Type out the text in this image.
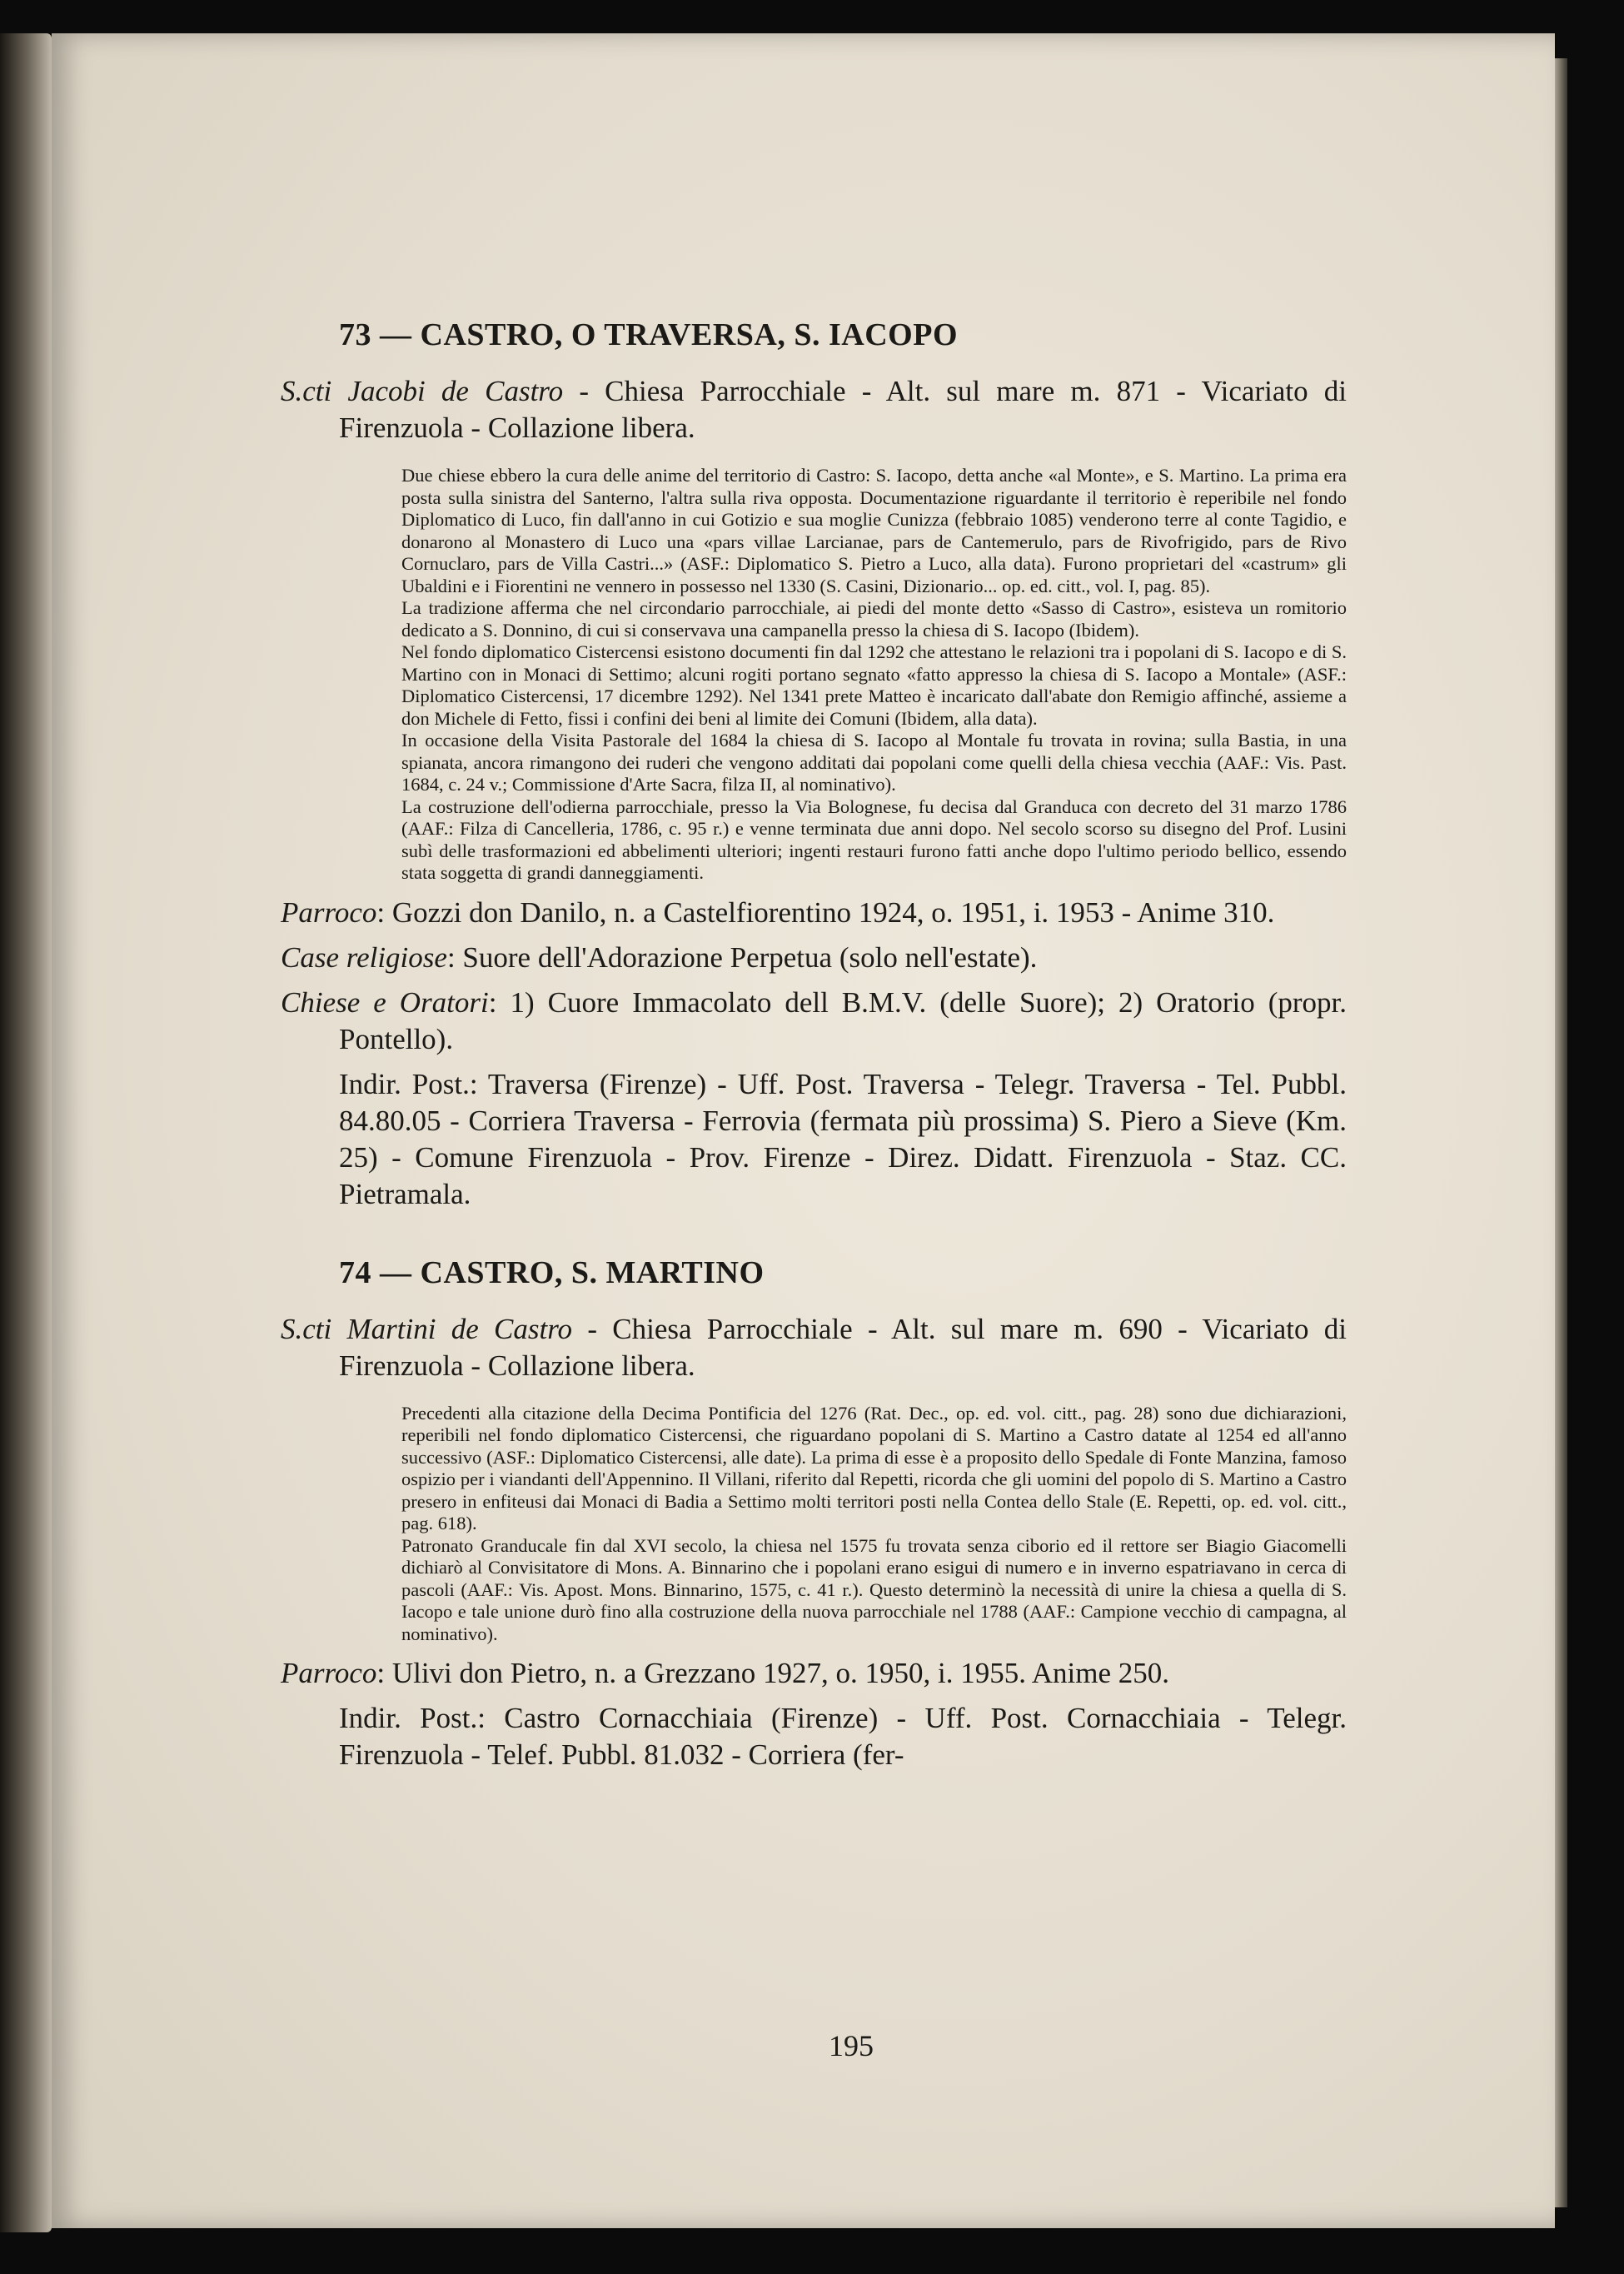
73 — CASTRO, O TRAVERSA, S. IACOPO
S.cti Jacobi de Castro - Chiesa Parrocchiale - Alt. sul mare m. 871 - Vicariato di Firenzuola - Collazione libera.

Due chiese ebbero la cura delle anime del territorio di Castro: S. Iacopo, detta anche «al Monte», e S. Martino. La prima era posta sulla sinistra del Santerno, l'altra sulla riva opposta. Documentazione riguardante il territorio è reperibile nel fondo Diplomatico di Luco, fin dall'anno in cui Gotizio e sua moglie Cunizza (febbraio 1085) venderono terre al conte Tagidio, e donarono al Monastero di Luco una «pars villae Larcianae, pars de Cantemerulo, pars de Rivofrigido, pars de Rivo Cornuclaro, pars de Villa Castri...» (ASF.: Diplomatico S. Pietro a Luco, alla data). Furono proprietari del «castrum» gli Ubaldini e i Fiorentini ne vennero in possesso nel 1330 (S. Casini, Dizionario... op. ed. citt., vol. I, pag. 85).

La tradizione afferma che nel circondario parrocchiale, ai piedi del monte detto «Sasso di Castro», esisteva un romitorio dedicato a S. Donnino, di cui si conservava una campanella presso la chiesa di S. Iacopo (Ibidem).

Nel fondo diplomatico Cistercensi esistono documenti fin dal 1292 che attestano le relazioni tra i popolani di S. Iacopo e di S. Martino con in Monaci di Settimo; alcuni rogiti portano segnato «fatto appresso la chiesa di S. Iacopo a Montale» (ASF.: Diplomatico Cistercensi, 17 dicembre 1292). Nel 1341 prete Matteo è incaricato dall'abate don Remigio affinché, assieme a don Michele di Fetto, fissi i confini dei beni al limite dei Comuni (Ibidem, alla data).

In occasione della Visita Pastorale del 1684 la chiesa di S. Iacopo al Montale fu trovata in rovina; sulla Bastia, in una spianata, ancora rimangono dei ruderi che vengono additati dai popolani come quelli della chiesa vecchia (AAF.: Vis. Past. 1684, c. 24 v.; Commissione d'Arte Sacra, filza II, al nominativo).

La costruzione dell'odierna parrocchiale, presso la Via Bolognese, fu decisa dal Granduca con decreto del 31 marzo 1786 (AAF.: Filza di Cancelleria, 1786, c. 95 r.) e venne terminata due anni dopo. Nel secolo scorso su disegno del Prof. Lusini subì delle trasformazioni ed abbelimenti ulteriori; ingenti restauri furono fatti anche dopo l'ultimo periodo bellico, essendo stata soggetta di grandi danneggiamenti.

Parroco: Gozzi don Danilo, n. a Castelfiorentino 1924, o. 1951, i. 1953 - Anime 310.
Case religiose: Suore dell'Adorazione Perpetua (solo nell'estate).
Chiese e Oratori: 1) Cuore Immacolato dell B.M.V. (delle Suore); 2) Oratorio (propr. Pontello).
Indir. Post.: Traversa (Firenze) - Uff. Post. Traversa - Telegr. Traversa - Tel. Pubbl. 84.80.05 - Corriera Traversa - Ferrovia (fermata più prossima) S. Piero a Sieve (Km. 25) - Comune Firenzuola - Prov. Firenze - Direz. Didatt. Firenzuola - Staz. CC. Pietramala.
74 — CASTRO, S. MARTINO
S.cti Martini de Castro - Chiesa Parrocchiale - Alt. sul mare m. 690 - Vicariato di Firenzuola - Collazione libera.

Precedenti alla citazione della Decima Pontificia del 1276 (Rat. Dec., op. ed. vol. citt., pag. 28) sono due dichiarazioni, reperibili nel fondo diplomatico Cistercensi, che riguardano popolani di S. Martino a Castro datate al 1254 ed all'anno successivo (ASF.: Diplomatico Cistercensi, alle date). La prima di esse è a proposito dello Spedale di Fonte Manzina, famoso ospizio per i viandanti dell'Appennino. Il Villani, riferito dal Repetti, ricorda che gli uomini del popolo di S. Martino a Castro presero in enfiteusi dai Monaci di Badia a Settimo molti territori posti nella Contea dello Stale (E. Repetti, op. ed. vol. citt., pag. 618).

Patronato Granducale fin dal XVI secolo, la chiesa nel 1575 fu trovata senza ciborio ed il rettore ser Biagio Giacomelli dichiarò al Convisitatore di Mons. A. Binnarino che i popolani erano esigui di numero e in inverno espatriavano in cerca di pascoli (AAF.: Vis. Apost. Mons. Binnarino, 1575, c. 41 r.). Questo determinò la necessità di unire la chiesa a quella di S. Iacopo e tale unione durò fino alla costruzione della nuova parrocchiale nel 1788 (AAF.: Campione vecchio di campagna, al nominativo).

Parroco: Ulivi don Pietro, n. a Grezzano 1927, o. 1950, i. 1955. Anime 250.
Indir. Post.: Castro Cornacchiaia (Firenze) - Uff. Post. Cornacchiaia - Telegr. Firenzuola - Telef. Pubbl. 81.032 - Corriera (fer-
195
